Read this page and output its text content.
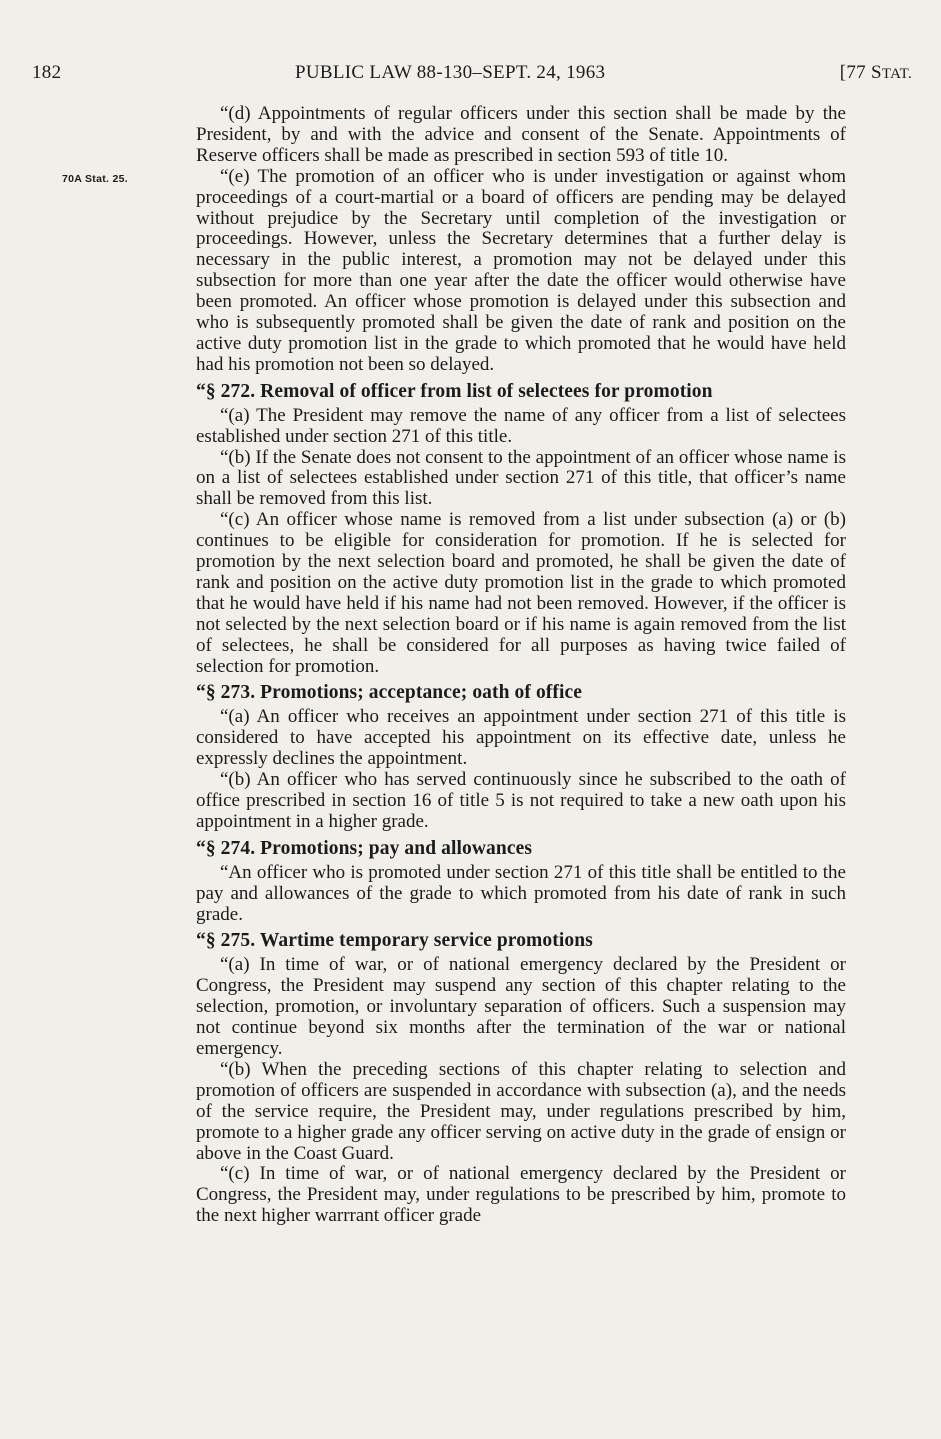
182	PUBLIC LAW 88-130–SEPT. 24, 1963	[77 STAT.
70A Stat. 25.

“(d) Appointments of regular officers under this section shall be made by the President, by and with the advice and consent of the Senate. Appointments of Reserve officers shall be made as prescribed in section 593 of title 10.

“(e) The promotion of an officer who is under investigation or against whom proceedings of a court-martial or a board of officers are pending may be delayed without prejudice by the Secretary until completion of the investigation or proceedings. However, unless the Secretary determines that a further delay is necessary in the public interest, a promotion may not be delayed under this subsection for more than one year after the date the officer would otherwise have been promoted. An officer whose promotion is delayed under this subsection and who is subsequently promoted shall be given the date of rank and position on the active duty promotion list in the grade to which promoted that he would have held had his promotion not been so delayed.

“§ 272. Removal of officer from list of selectees for promotion

“(a) The President may remove the name of any officer from a list of selectees established under section 271 of this title.

“(b) If the Senate does not consent to the appointment of an officer whose name is on a list of selectees established under section 271 of this title, that officer’s name shall be removed from this list.

“(c) An officer whose name is removed from a list under subsection (a) or (b) continues to be eligible for consideration for promotion. If he is selected for promotion by the next selection board and promoted, he shall be given the date of rank and position on the active duty promotion list in the grade to which promoted that he would have held if his name had not been removed. However, if the officer is not selected by the next selection board or if his name is again removed from the list of selectees, he shall be considered for all purposes as having twice failed of selection for promotion.

“§ 273. Promotions; acceptance; oath of office

“(a) An officer who receives an appointment under section 271 of this title is considered to have accepted his appointment on its effective date, unless he expressly declines the appointment.

“(b) An officer who has served continuously since he subscribed to the oath of office prescribed in section 16 of title 5 is not required to take a new oath upon his appointment in a higher grade.

“§ 274. Promotions; pay and allowances

“An officer who is promoted under section 271 of this title shall be entitled to the pay and allowances of the grade to which promoted from his date of rank in such grade.

“§ 275. Wartime temporary service promotions

“(a) In time of war, or of national emergency declared by the President or Congress, the President may suspend any section of this chapter relating to the selection, promotion, or involuntary separation of officers. Such a suspension may not continue beyond six months after the termination of the war or national emergency.

“(b) When the preceding sections of this chapter relating to selection and promotion of officers are suspended in accordance with subsection (a), and the needs of the service require, the President may, under regulations prescribed by him, promote to a higher grade any officer serving on active duty in the grade of ensign or above in the Coast Guard.

“(c) In time of war, or of national emergency declared by the President or Congress, the President may, under regulations to be prescribed by him, promote to the next higher warrrant officer grade
